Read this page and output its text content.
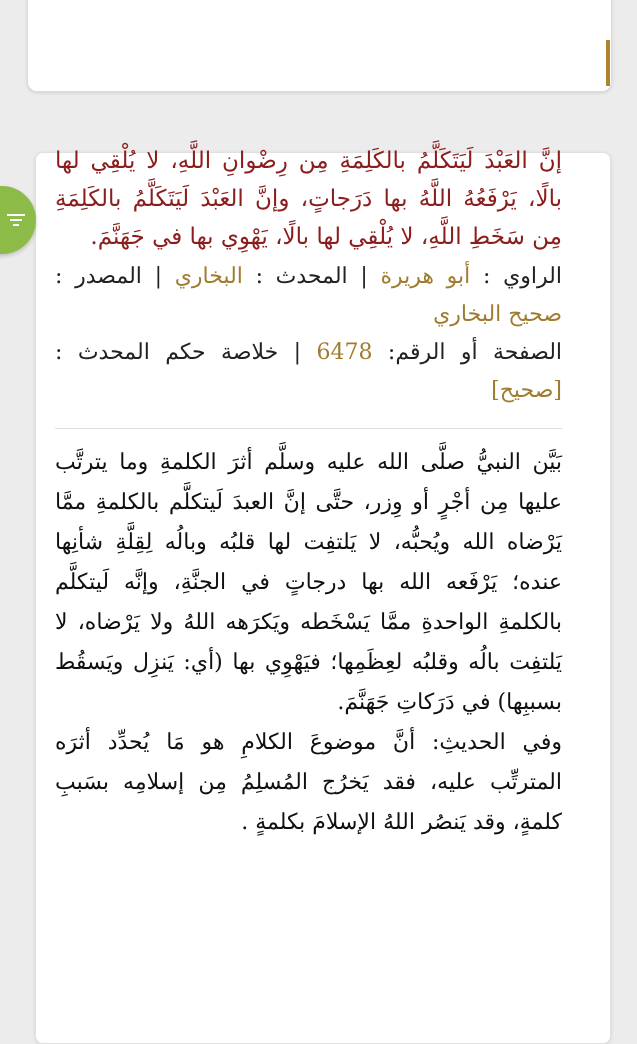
إنَّ العَبْدَ لَيَتَكَلَّمُ بالكَلِمَةِ مِن رِضْوانِ اللَّهِ، لا يُلْقِي لها بالًا، يَرْفَعُهُ اللَّهُ بها دَرَجاتٍ، وإنَّ العَبْدَ لَيَتَكَلَّمُ بالكَلِمَةِ مِن سَخَطِ اللَّهِ، لا يُلْقِي لها بالًا، يَهْوِي بها في جَهَنَّمَ.

الراوي : أبو هريرة | المحدث : البخاري | المصدر : صحيح البخاري
الصفحة أو الرقم: 6478 | خلاصة حكم المحدث : [صحيح]

بَيَّن النبيُّ صلَّى الله عليه وسلَّم أثرَ الكلمةِ وما يترتَّب عليها مِن أجْرٍ أو وِزر، حتَّى إنَّ العبدَ لَيتكلَّم بالكلمةِ ممَّا يَرْضاه الله ويُحبُّه، لا يَلتفِت لها قلبُه وبالُه لِقِلَّةِ شأنِها عنده؛ يَرْفَعه الله بها درجاتٍ في الجنَّةِ، وإنَّه لَيتكلَّم بالكلمةِ الواحدةِ ممَّا يَسْخَطه ويَكرَهه اللهُ ولا يَرْضاه، لا يَلتفِت بالُه وقلبُه لعِظَمِها؛ فيَهْوِي بها (أي: يَنزِل ويَسقُط بسببِها) في دَرَكاتِ جَهَنَّمَ.

وفي الحديثِ: أنَّ موضوعَ الكلامِ هو مَا يُحدِّد أثرَه المترتِّب عليه، فقد يَخرُج المُسلِمُ مِن إسلامِه بسَببِ كلمةٍ، وقد يَنصُر اللهُ الإسلامَ بكلمةٍ .
